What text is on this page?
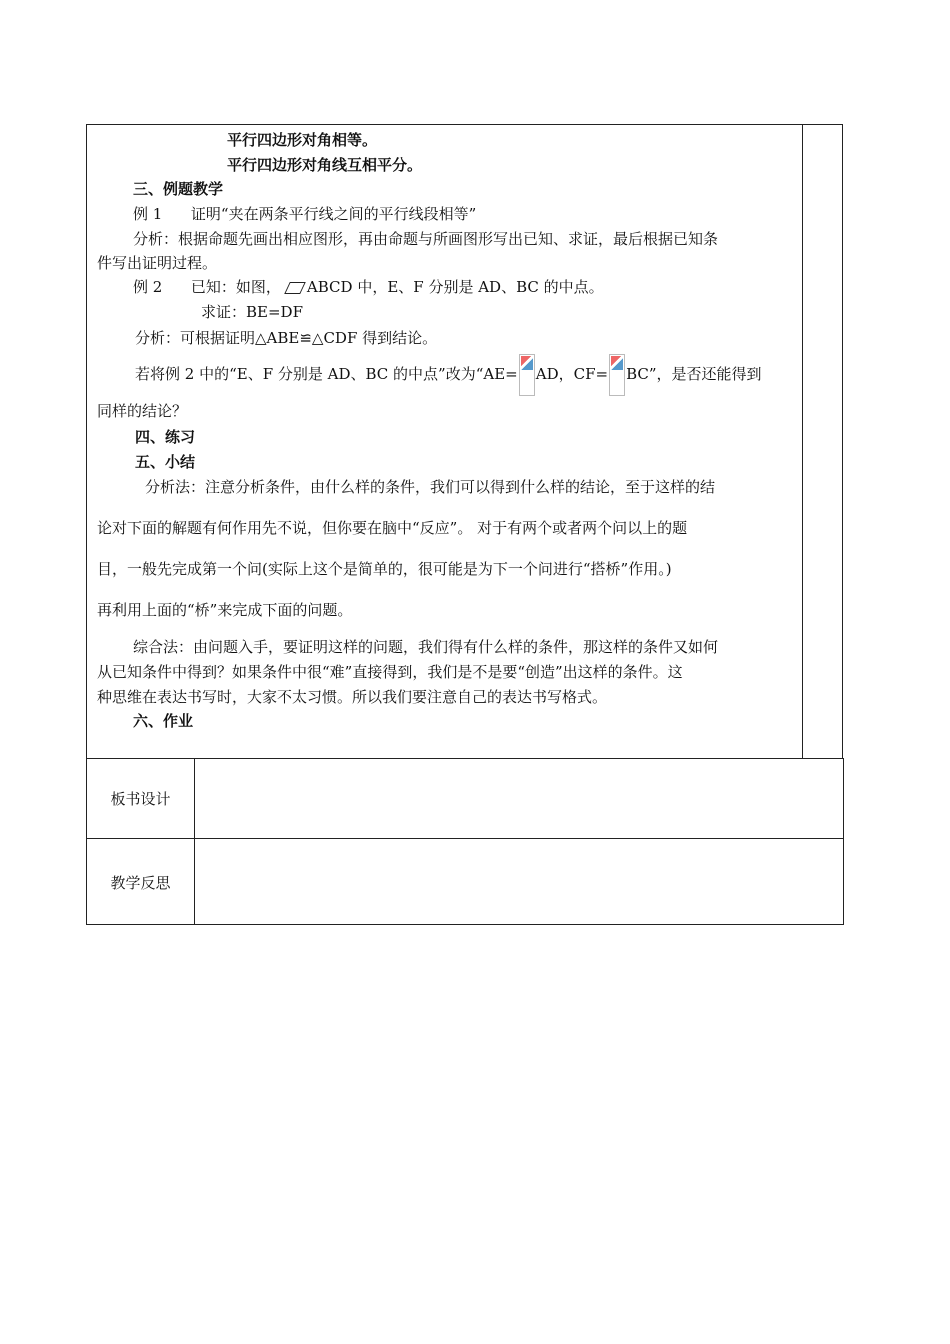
平行四边形对角相等。
平行四边形对角线互相平分。
三、例题教学
例 1      证明“夹在两条平行线之间的平行线段相等”
分析：根据命题先画出相应图形，再由命题与所画图形写出已知、求证，最后根据已知条
件写出证明过程。
例 2      已知：如图， ABCD 中，E、F 分别是 AD、BC 的中点。
求证：BE=DF
分析：可根据证明△ABE≌△CDF 得到结论。
若将例 2 中的“E、F 分别是 AD、BC 的中点”改为“AE= AD，CF= BC”，是否还能得到
同样的结论？
四、练习
五、小结
分析法：注意分析条件，由什么样的条件，我们可以得到什么样的结论，至于这样的结
论对下面的解题有何作用先不说，但你要在脑中“反应”。 对于有两个或者两个问以上的题
目，一般先完成第一个问(实际上这个是简单的，很可能是为下一个问进行“搭桥”作用。)
再利用上面的“桥”来完成下面的问题。
综合法：由问题入手，要证明这样的问题，我们得有什么样的条件，那这样的条件又如何
从已知条件中得到？如果条件中很“难”直接得到，我们是不是要“创造”出这样的条件。这
种思维在表达书写时，大家不太习惯。所以我们要注意自己的表达书写格式。
六、作业
板书设计
教学反思
